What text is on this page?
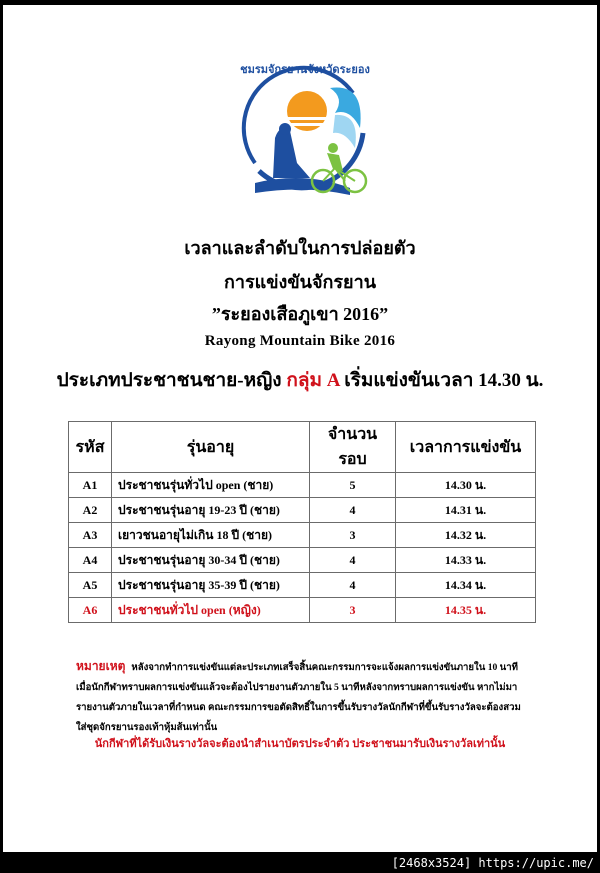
ชมรมจักรยานจังหวัดระยอง
เวลาและลำดับในการปล่อยตัว
การแข่งขันจักรยาน
”ระยองเสือภูเขา 2016”
Rayong Mountain Bike 2016
ประเภทประชาชนชาย-หญิง กลุ่ม A เริ่มแข่งขันเวลา 14.30 น.
รหัส	รุ่นอายุ	จำนวนรอบ	เวลาการแข่งขัน
A1	ประชาชนรุ่นทั่วไป open (ชาย)	5	14.30 น.
A2	ประชาชนรุ่นอายุ 19-23 ปี (ชาย)	4	14.31 น.
A3	เยาวชนอายุไม่เกิน 18 ปี (ชาย)	3	14.32 น.
A4	ประชาชนรุ่นอายุ 30-34 ปี (ชาย)	4	14.33 น.
A5	ประชาชนรุ่นอายุ 35-39 ปี (ชาย)	4	14.34 น.
A6	ประชาชนทั่วไป open (หญิง)	3	14.35 น.
หมายเหตุ หลังจากทำการแข่งขันแต่ละประเภทเสร็จสิ้นคณะกรรมการจะแจ้งผลการแข่งขันภายใน 10 นาที เมื่อนักกีฬาทราบผลการแข่งขันแล้วจะต้องไปรายงานตัวภายใน 5 นาทีหลังจากทราบผลการแข่งขัน หากไม่มารายงานตัวภายในเวลาที่กำหนด คณะกรรมการขอตัดสิทธิ์ในการขึ้นรับรางวัลนักกีฬาที่ขึ้นรับรางวัลจะต้องสวมใส่ชุดจักรยานรองเท้าหุ้มส้นเท่านั้น
นักกีฬาที่ได้รับเงินรางวัลจะต้องนำสำเนาบัตรประจำตัว ประชาชนมารับเงินรางวัลเท่านั้น
[2468x3524] https://upic.me/
